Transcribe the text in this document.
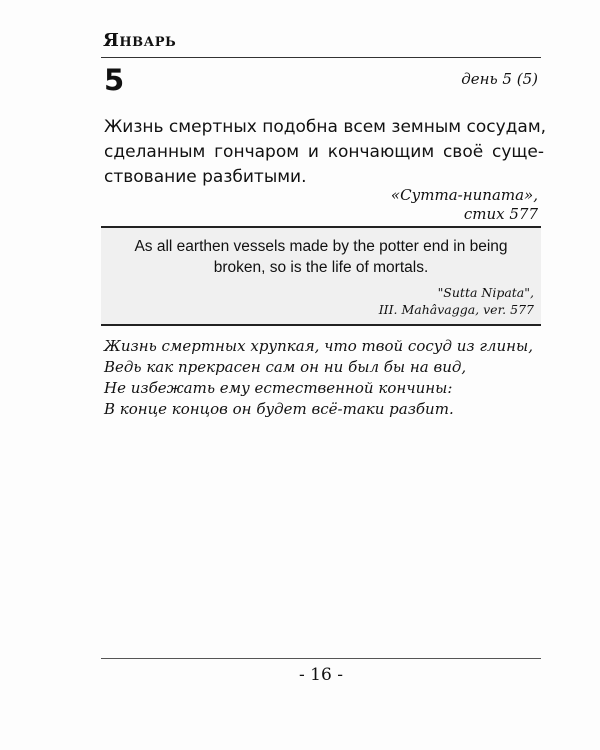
Январь
5	день 5 (5)
Жизнь смертных подобна всем земным сосудам,
сделанным гончаром и кончающим своё суще-
ствование разбитыми.
«Сутта-нипата»,
стих 577
As all earthen vessels made by the potter end in being
broken, so is the life of mortals.
"Sutta Nipata",
III. Mahâvagga, ver. 577
Жизнь смертных хрупкая, что твой сосуд из глины,
Ведь как прекрасен сам он ни был бы на вид,
Не избежать ему естественной кончины:
В конце концов он будет всё-таки разбит.
- 16 -
